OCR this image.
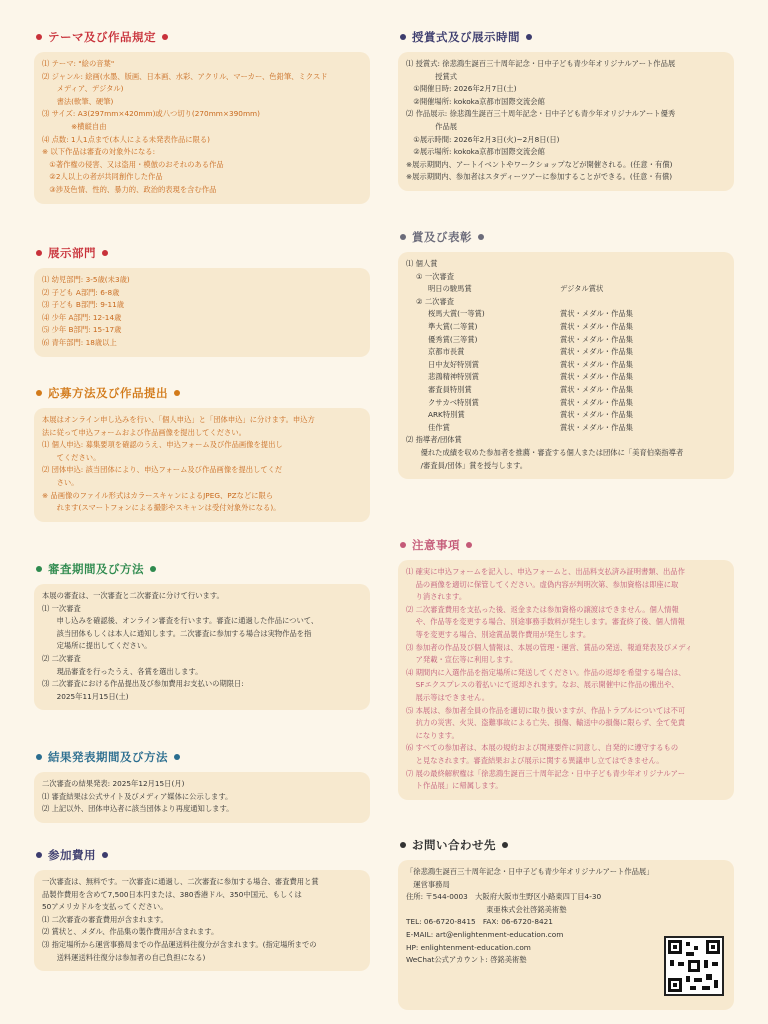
テーマ及び作品規定
⑴ テーマ: "絵の音葉"
⑵ ジャンル: 絵画(水墨、版画、日本画、水彩、アクリル、マーカー、色鉛筆、ミクスド
　　メディア、デジタル)
　　書法(軟筆、硬筆)
⑶ サイズ: A3(297mm×420mm)或八つ切り(270mm×390mm)
　　　　※横縦自由
⑷ 点数: 1人1点まで(本人による未発表作品に限る)
※ 以下作品は審査の対象外になる:
　①著作権の侵害、又は盗用・模倣のおそれのある作品
　②2人以上の者が共同創作した作品
　③渉及色情、性的、暴力的、政治的表現を含む作品
展示部門
⑴ 幼児部門: 3-5歳(未3歳)
⑵ 子ども A部門: 6-8歳
⑶ 子ども B部門: 9-11歳
⑷ 少年 A部門: 12-14歳
⑸ 少年 B部門: 15-17歳
⑹ 青年部門: 18歳以上
応募方法及び作品提出
本展はオンライン申し込みを行い、「個人申込」と「団体申込」に分けます。申込方
法に従って申込フォームおよび作品画像を提出してください。
⑴ 個人申込: 募集要項を確認のうえ、申込フォーム及び作品画像を提出し
　　てください。
⑵ 団体申込: 該当団体により、申込フォーム及び作品画像を提出してくだ
　　さい。
※ 品画像のファイル形式はカラースキャンによるJPEG、PZなどに限ら
　　れます(スマートフォンによる撮影やスキャンは受付対象外になる)。
審査期間及び方法
本展の審査は、一次審査と二次審査に分けて行います。
⑴ 一次審査
　　申し込みを確認後、オンライン審査を行います。審査に通過した作品について、
　　該当団体もしくは本人に通知します。二次審査に参加する場合は実物作品を指
　　定場所に提出してください。
⑵ 二次審査
　　現品審査を行ったうえ、各賞を選出します。
⑶ 二次審査における作品提出及び参加費用お支払いの期限日:
　　2025年11月15日(土)
結果発表期間及び方法
二次審査の結果発表: 2025年12月15日(月)
⑴ 審査結果は公式サイト及びメディア媒体に公示します。
⑵ 上記以外、団体申込者に該当団体より再度通知します。
参加費用
一次審査は、無料です。一次審査に通過し、二次審査に参加する場合、審査費用と賞
品製作費用を含めて7,500日本円または、380香港ドル、350中国元、もしくは
50アメリカドルを支払ってください。
⑴ 二次審査の審査費用が含まれます。
⑵ 賞状と、メダル、作品集の製作費用が含まれます。
⑶ 指定場所から運営事務局までの作品運送料往復分が含まれます。(指定場所までの
　　送料運送料往復分は参加者の自己負担になる)
授賞式及び展示時間
⑴ 授賞式: 徐悲鴻生誕百三十周年記念・日中子ども青少年オリジナルアート作品展
　　　　授賞式
　①開催日時: 2026年2月7日(土)
　②開催場所: kokoka京都市国際交流会館
⑵ 作品展示: 徐悲鴻生誕百三十周年記念・日中子ども青少年オリジナルアート優秀
　　　　作品展
　①展示時間: 2026年2月3日(火)~2月8日(日)
　②展示場所: kokoka京都市国際交流会館
※展示期間内、アートイベントやワークショップなどが開催される。(任意・有償)
※展示期間内、参加者はスタディーツアーに参加することができる。(任意・有償)
賞及び表彰
⑴ 個人賞
① 一次審査
明日の駿馬賞	デジタル賞状
② 二次審査
桜馬大賞(一等賞)	賞状・メダル・作品集
準大賞(二等賞)	賞状・メダル・作品集
優秀賞(三等賞)	賞状・メダル・作品集
京都市長賞	賞状・メダル・作品集
日中友好特別賞	賞状・メダル・作品集
悲鴻精神特別賞	賞状・メダル・作品集
審査員特別賞	賞状・メダル・作品集
クサカベ特別賞	賞状・メダル・作品集
ARK特別賞	賞状・メダル・作品集
佳作賞	賞状・メダル・作品集
⑵ 指導者/団体賞
　　優れた成績を収めた参加者を推薦・審査する個人または団体に「美育伯楽指導者
　　/審査員/団体」賞を授与します。
注意事項
⑴ 確実に申込フォームを記入し、申込フォームと、出品料支払済み証明書類、出品作
　 品の画像を適切に保管してください。虚偽内容が判明次第、参加資格は即座に取
　 り消されます。
⑵ 二次審査費用を支払った後、返金または参加資格の譲渡はできません。個人情報
　 や、作品等を変更する場合、別途事務手数料が発生します。審査終了後、個人情報
　 等を変更する場合、別途賞品製作費用が発生します。
⑶ 参加者の作品及び個人情報は、本展の管理・運営、賞品の発送、報道発表及びメディ
　 ア発載・宣伝等に利用します。
⑷ 期間内に入選作品を指定場所に発送してください。作品の返却を希望する場合は、
　 SFエクスプレスの着払いにて返却されます。なお、展示開催中に作品の搬出や、
　 展示等はできません。
⑸ 本展は、参加者全員の作品を適切に取り扱いますが、作品トラブルについては不可
　 抗力の災害、火災、盗難事故による亡失、損傷、輸送中の損傷に限らず、全て免責
　 になります。
⑹ すべての参加者は、本展の規約および関連要件に同意し、自発的に遵守するもの
　 と見なされます。審査結果および展示に関する異議申し立てはできません。
⑺ 展の最終解釈権は「徐悲鴻生誕百三十周年記念・日中子ども青少年オリジナルアー
　 ト作品展」に帰属します。
お問い合わせ先
「徐悲鴻生誕百三十周年記念・日中子ども青少年オリジナルアート作品展」
　運営事務局
住所: 〒544-0003　大阪府大阪市生野区小路東四丁目4-30
　　　　　　　　　　　東亜株式会社啓銘美術塾
TEL: 06-6720-8415　FAX: 06-6720-8421
E-MAIL: art@enlightenment-education.com
HP: enlightenment-education.com
WeChat公式アカウント: 啓銘美術塾
